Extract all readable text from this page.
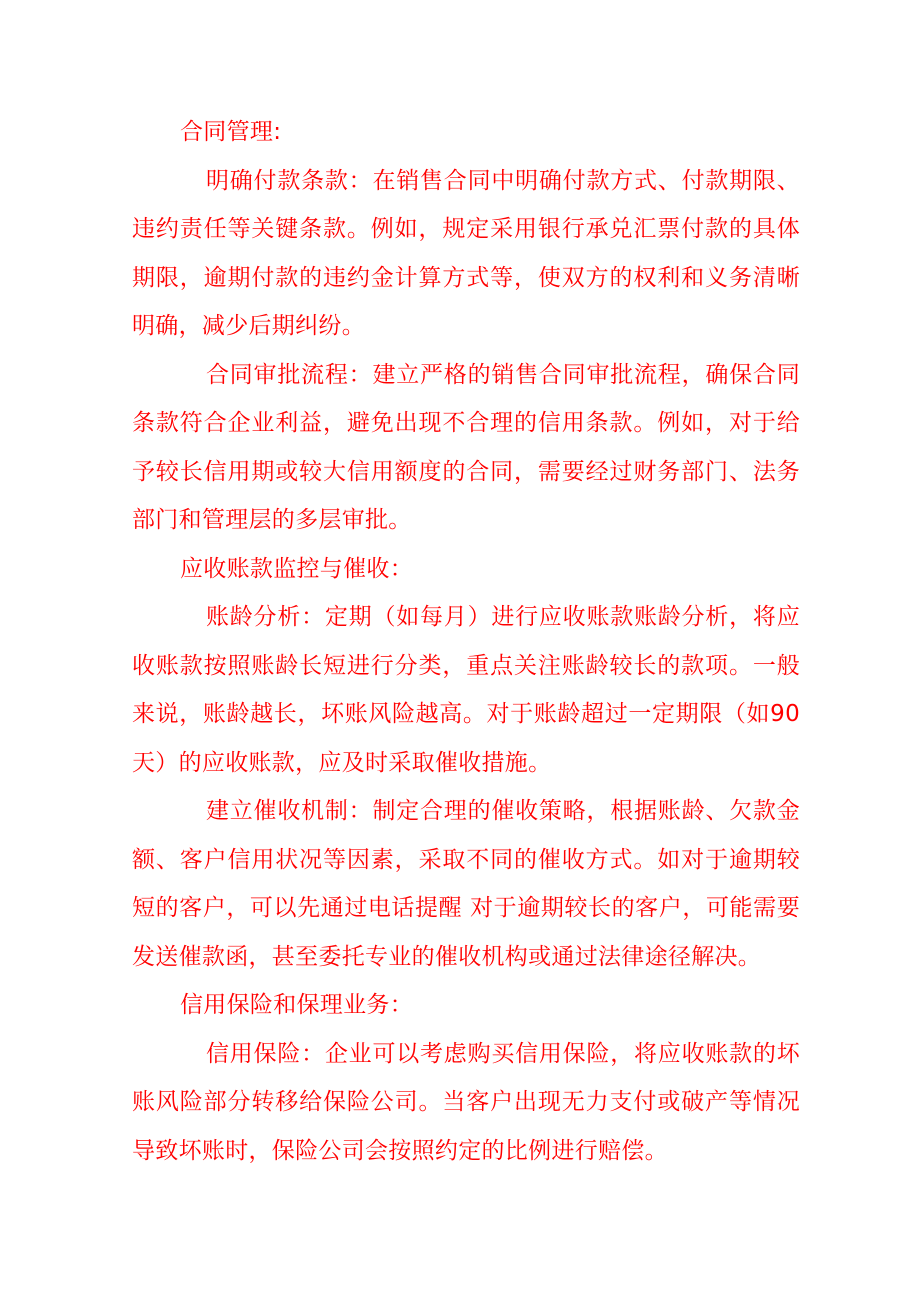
合同管理:

明确付款条款：在销售合同中明确付款方式、付款期限、违约责任等关键条款。例如，规定采用银行承兑汇票付款的具体期限，逾期付款的违约金计算方式等，使双方的权利和义务清晰明确，减少后期纠纷。

合同审批流程：建立严格的销售合同审批流程，确保合同条款符合企业利益，避免出现不合理的信用条款。例如，对于给予较长信用期或较大信用额度的合同，需要经过财务部门、法务部门和管理层的多层审批。

应收账款监控与催收：

账龄分析：定期（如每月）进行应收账款账龄分析，将应收账款按照账龄长短进行分类，重点关注账龄较长的款项。一般来说，账龄越长，坏账风险越高。对于账龄超过一定期限（如90天）的应收账款，应及时采取催收措施。

建立催收机制：制定合理的催收策略，根据账龄、欠款金额、客户信用状况等因素，采取不同的催收方式。如对于逾期较短的客户，可以先通过电话提醒 对于逾期较长的客户，可能需要发送催款函，甚至委托专业的催收机构或通过法律途径解决。

信用保险和保理业务：

信用保险：企业可以考虑购买信用保险，将应收账款的坏账风险部分转移给保险公司。当客户出现无力支付或破产等情况导致坏账时，保险公司会按照约定的比例进行赔偿。
